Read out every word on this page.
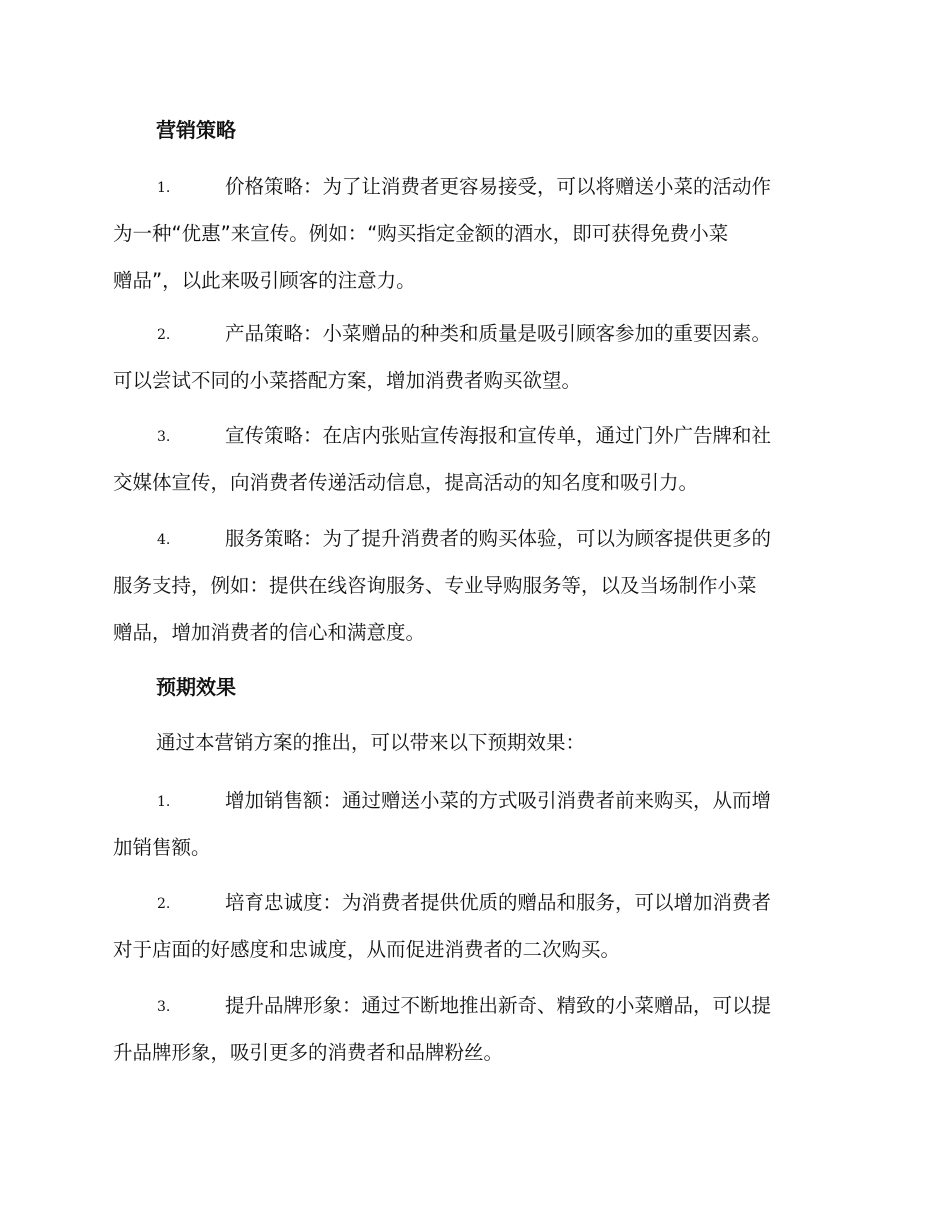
营销策略
1.	价格策略：为了让消费者更容易接受，可以将赠送小菜的活动作
为一种“优惠”来宣传。例如：“购买指定金额的酒水，即可获得免费小菜
赠品”，以此来吸引顾客的注意力。
2.	产品策略：小菜赠品的种类和质量是吸引顾客参加的重要因素。
可以尝试不同的小菜搭配方案，增加消费者购买欲望。
3.	宣传策略：在店内张贴宣传海报和宣传单，通过门外广告牌和社
交媒体宣传，向消费者传递活动信息，提高活动的知名度和吸引力。
4.	服务策略：为了提升消费者的购买体验，可以为顾客提供更多的
服务支持，例如：提供在线咨询服务、专业导购服务等，以及当场制作小菜
赠品，增加消费者的信心和满意度。
预期效果

通过本营销方案的推出，可以带来以下预期效果：

1.	增加销售额：通过赠送小菜的方式吸引消费者前来购买，从而增
加销售额。
2.	培育忠诚度：为消费者提供优质的赠品和服务，可以增加消费者
对于店面的好感度和忠诚度，从而促进消费者的二次购买。
3.	提升品牌形象：通过不断地推出新奇、精致的小菜赠品，可以提
升品牌形象，吸引更多的消费者和品牌粉丝。
